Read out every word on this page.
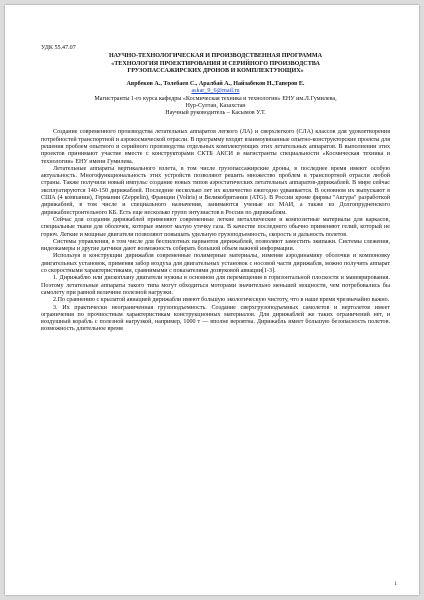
УДК 55.47.07
НАУЧНО-ТЕХНОЛОГИЧЕСКАЯ И ПРОИЗВОДСТВЕННАЯ ПРОГРАММА
«ТЕХНОЛОГИЯ ПРОЕКТИРОВАНИЯ И СЕРИЙНОГО ПРОИЗВОДСТВА
ГРУЗОПАССАЖИРСКИХ ДРОНОВ И КОМПЛЕКТУЮЩИХ»
Аврбеков А., Толебаев С., Аралбай А., Найзабеков Н.,Таперов Е.
askar_9_6@mail.ru
Магистранты 1-го курса кафедры «Космическая техника и технологии» ЕНУ им.Л.Гумилева,
Нур-Султан, Казахстан
Научный руководитель – Касымов У.Т.

Создание современного производства летательных аппаратов легкого (ЛА) и сверхлегкого (СЛА) классов для удовлетворения потребностей транспортной и аэрокосмической отрасли. В программу входят взаимоувязанные опытно-конструкторские проекты для решения проблем опытного и серийного производства отдельных комплектующих этих летательных аппаратов. В выполнении этих проектов принимают участие вместе с конструкторами СКТБ АКСИ и магистранты специальности «Космическая техника и технологии» ЕНУ имени Гумилева.

Летательные аппараты вертикального взлета, в том числе грузопассажирские дроны, в последнее время имеют особую актуальность. Многофункциональность этих устройств позволяют решить множество проблем в транспортной отрасли любой страны. Также получили новый импульс создание новых типов аэростатических летательных аппаратов-дирижаблей. В мире сейчас эксплуатируются 140-150 дирижаблей. Последние несколько лет их количество ежегодно удваивается. В основном их выпускают в США (4 компании), Германии (Zeppelin), Франции (Voliris) и Великобритании (ATG). В России кроме фирмы "Авгура" разработкой дирижаблей, в том числе и специального назначения, занимаются ученые из МАИ, а также из Долгопрудненского дирижаблестроительного КБ. Есть еще несколько групп энтузиастов в России по дирижаблям.

Сейчас для создания дирижаблей применяют современные легкие металлические и композитные материалы для каркасов, специальные ткани для оболочек, которые имеют малую утечку газа. В качестве последнего обычно применяют гелий, который не горюч. Легкие и мощные двигатели позволяют повышать удельную грузоподъемность, скорость и дальность полетов.

Системы управления, в том числе для беспилотных вариантов дирижаблей, позволяют заместить экипажи. Системы слежения, видеокамеры и другие датчики дают возможность собирать большой объем важной информации.

Используя в конструкции дирижабля современные полимерные материалы, изменяя аэродинамику оболочки и компоновку двигательных установок, применяя забор воздуха для двигательных установок с носовой части дирижабля, можно получить аппарат со скоростными характеристиками, сравнимыми с показателями дозвуковой авиации[1-3].

1. Дирижаблю или дископлану двигатели нужны в основном для перемещения в горизонтальной плоскости и маневрирования. Поэтому летательные аппараты такого типа могут обходиться моторами значительно меньшей мощности, чем потребовались бы самолету при равной величине полезной нагрузки.

2.По сравнению с крылатой авиацией дирижабли имеют большую экологическую чистоту, что в наше время чрезвычайно важно.

3. Их практически неограниченная грузоподъемность. Создание сверхгрузоподъемных самолетов и вертолетов имеет ограничения по прочностным характеристикам конструкционных материалов. Для дирижаблей же таких ограничений нет, и воздушный корабль с полезной нагрузкой, например, 1000 т — вполне вероятна. Дирижабль имеет большую безопасность полетов. возможность длительное время

1
